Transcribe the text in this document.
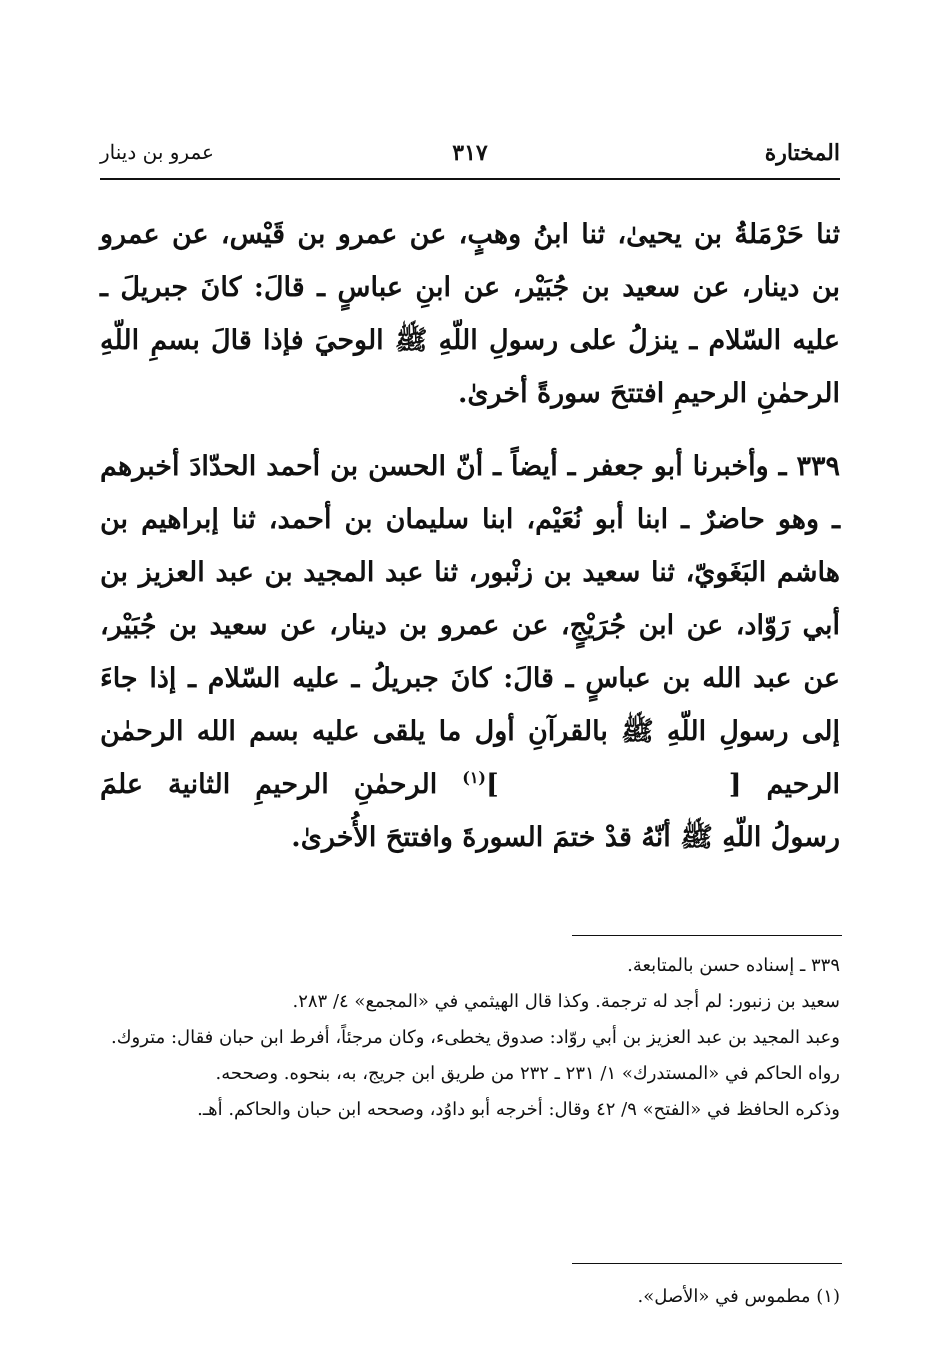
المختارة
٣١٧
عمرو بن دينار

ثنا حَرْمَلةُ بن يحيىٰ، ثنا ابنُ وهبٍ، عن عمرو بن قَيْس، عن عمرو بن دينار، عن سعيد بن جُبَيْر، عن ابنِ عباسٍ ـ قالَ: كانَ جبريلَ ـ عليه السّلام ـ ينزلُ على رسولِ اللّهِ ﷺ الوحيَ فإذا قالَ بسمِ اللّهِ الرحمٰنِ الرحيمِ افتتحَ سورةً أخرىٰ.

٣٣٩ ـ وأخبرنا أبو جعفر ـ أيضاً ـ أنّ الحسن بن أحمد الحدّادَ أخبرهم ـ وهو حاضرٌ ـ ابنا أبو نُعَيْم، ابنا سليمان بن أحمد، ثنا إبراهيم بن هاشم البَغَويّ، ثنا سعيد بن زنْبور، ثنا عبد المجيد بن عبد العزيز بن أبي رَوّاد، عن ابن جُرَيْجٍ، عن عمرو بن دينار، عن سعيد بن جُبَيْر، عن عبد الله بن عباسٍ ـ قالَ: كانَ جبريلُ ـ عليه السّلام ـ إذا جاءَ إلى رسولِ اللّهِ ﷺ بالقرآنِ أول ما يلقى عليه بسم الله الرحمٰن الرحيم []$^{(١)}$ الرحمٰنِ الرحيمِ الثانية علمَ رسولُ اللّهِ ﷺ أنّهُ قدْ ختمَ السورةَ وافتتحَ الأُخرىٰ.

٣٣٩ ـ إسناده حسن بالمتابعة.

سعيد بن زنبور: لم أجد له ترجمة. وكذا قال الهيثمي في «المجمع» ٤/ ٢٨٣.

وعبد المجيد بن عبد العزيز بن أبي روّاد: صدوق يخطىء، وكان مرجئاً، أفرط ابن حبان فقال: متروك.

رواه الحاكم في «المستدرك» ١/ ٢٣١ ـ ٢٣٢ من طريق ابن جريج، به، بنحوه. وصححه.

وذكره الحافظ في «الفتح» ٩/ ٤٢ وقال: أخرجه أبو داوُد، وصححه ابن حبان والحاكم. أهـ.

(١) مطموس في «الأصل».
